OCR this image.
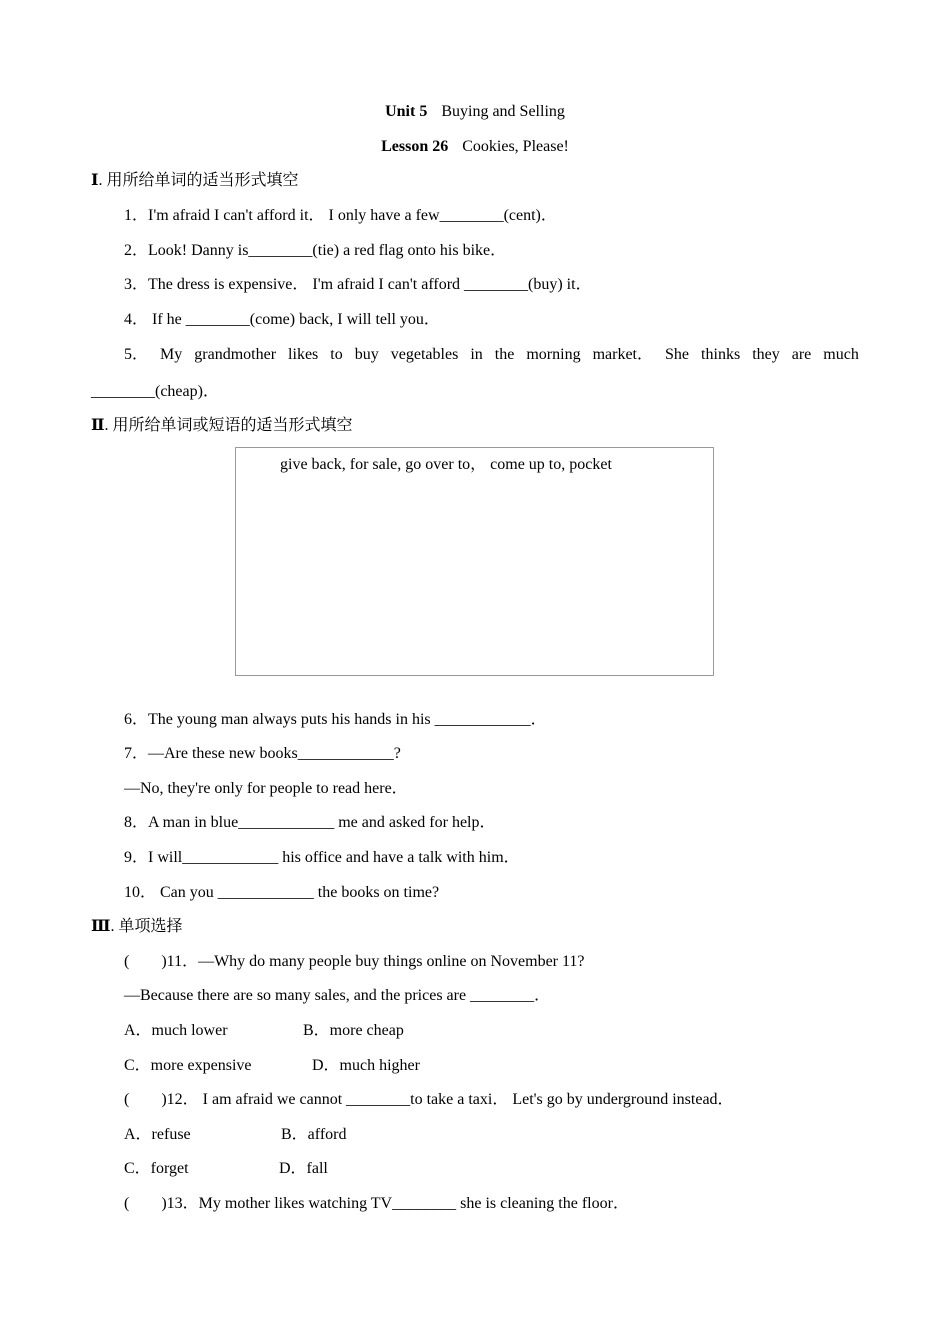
Unit 5 Buying and Selling
Lesson 26 Cookies, Please!
Ⅰ. 用所给单词的适当形式填空
1．I'm afraid I can't afford it． I only have a few________(cent)．
2．Look! Danny is________(tie) a red flag onto his bike．
3．The dress is expensive． I'm afraid I can't afford ________(buy) it．
4． If he ________(come) back, I will tell you．
5． My grandmother likes to buy vegetables in the morning market． She thinks they are much
________(cheap)．
Ⅱ. 用所给单词或短语的适当形式填空
give back, for sale, go over to， come up to, pocket
6．The young man always puts his hands in his ____________．
7．—Are these new books____________?
—No, they're only for people to read here．
8．A man in blue____________ me and asked for help．
9．I will____________ his office and have a talk with him．
10． Can you ____________ the books on time?
Ⅲ. 单项选择
(　　)11．—Why do many people buy things online on November 11?
—Because there are so many sales, and the prices are ________．
A．much lower	B．more cheap
C．more expensive	D．much higher
(　　)12． I am afraid we cannot ________to take a taxi． Let's go by underground instead．
A．refuse	B．afford
C．forget	D．fall
(　　)13．My mother likes watching TV________ she is cleaning the floor．
